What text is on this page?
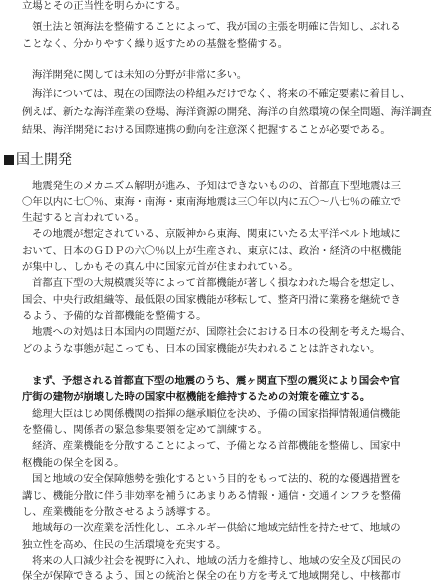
立場とその正当性を明らかにする。
領土法と領海法を整備することによって、我が国の主張を明確に告知し、ぶれる
ことなく、分かりやすく繰り返すための基盤を整備する。
海洋開発に関しては未知の分野が非常に多い。
海洋については、現在の国際法の枠組みだけでなく、将来の不確定要素に着目し、
例えば、新たな海洋産業の登場、海洋資源の開発、海洋の自然環境の保全問題、海洋調査
結果、海洋開発における国際連携の動向を注意深く把握することが必要である。
国土開発
地震発生のメカニズム解明が進み、予知はできないものの、首都直下型地震は三
〇年以内に七〇％、東海・南海・東南海地震は三〇年以内に五〇～八七％の確立で
生起すると言われている。
その地震が想定されている、京阪神から東海、関東にいたる太平洋ベルト地域に
おいて、日本のＧＤＰの六〇％以上が生産され、東京には、政治・経済の中枢機能
が集中し、しかもその真ん中に国家元首が住まわれている。
首都直下型の大規模震災等によって首都機能が著しく損なわれた場合を想定し、
国会、中央行政組織等、最低限の国家機能が移転して、整斉円滑に業務を継続でき
るよう、予備的な首都機能を整備する。
地震への対処は日本国内の問題だが、国際社会における日本の役割を考えた場合、
どのような事態が起こっても、日本の国家機能が失われることは許されない。
まず、予想される首都直下型の地震のうち、震ヶ関直下型の震災により国会や官
庁街の建物が崩壊した時の国家中枢機能を維持するための対策を確立する。
総理大臣はじめ関係機関の指揮の継承順位を決め、予備の国家指揮情報通信機能
を整備し、関係者の緊急参集要領を定めて訓練する。
経済、産業機能を分散することによって、予備となる首都機能を整備し、国家中
枢機能の保全を図る。
国と地域の安全保障態勢を強化するという目的をもって法的、税的な優遇措置を
講じ、機能分散に伴う非効率を補うにあまりある情報・通信・交通インフラを整備
し、産業機能を分散させるよう誘導する。
地域毎の一次産業を活性化し、エネルギー供給に地域完結性を持たせて、地域の
独立性を高め、住民の生活環境を充実する。
将来の人口減少社会を視野に入れ、地域の活力を維持し、地域の安全及び国民の
保全が保障できるよう、国との統治と保全の在り方を考えて地域開発し、中核都市
